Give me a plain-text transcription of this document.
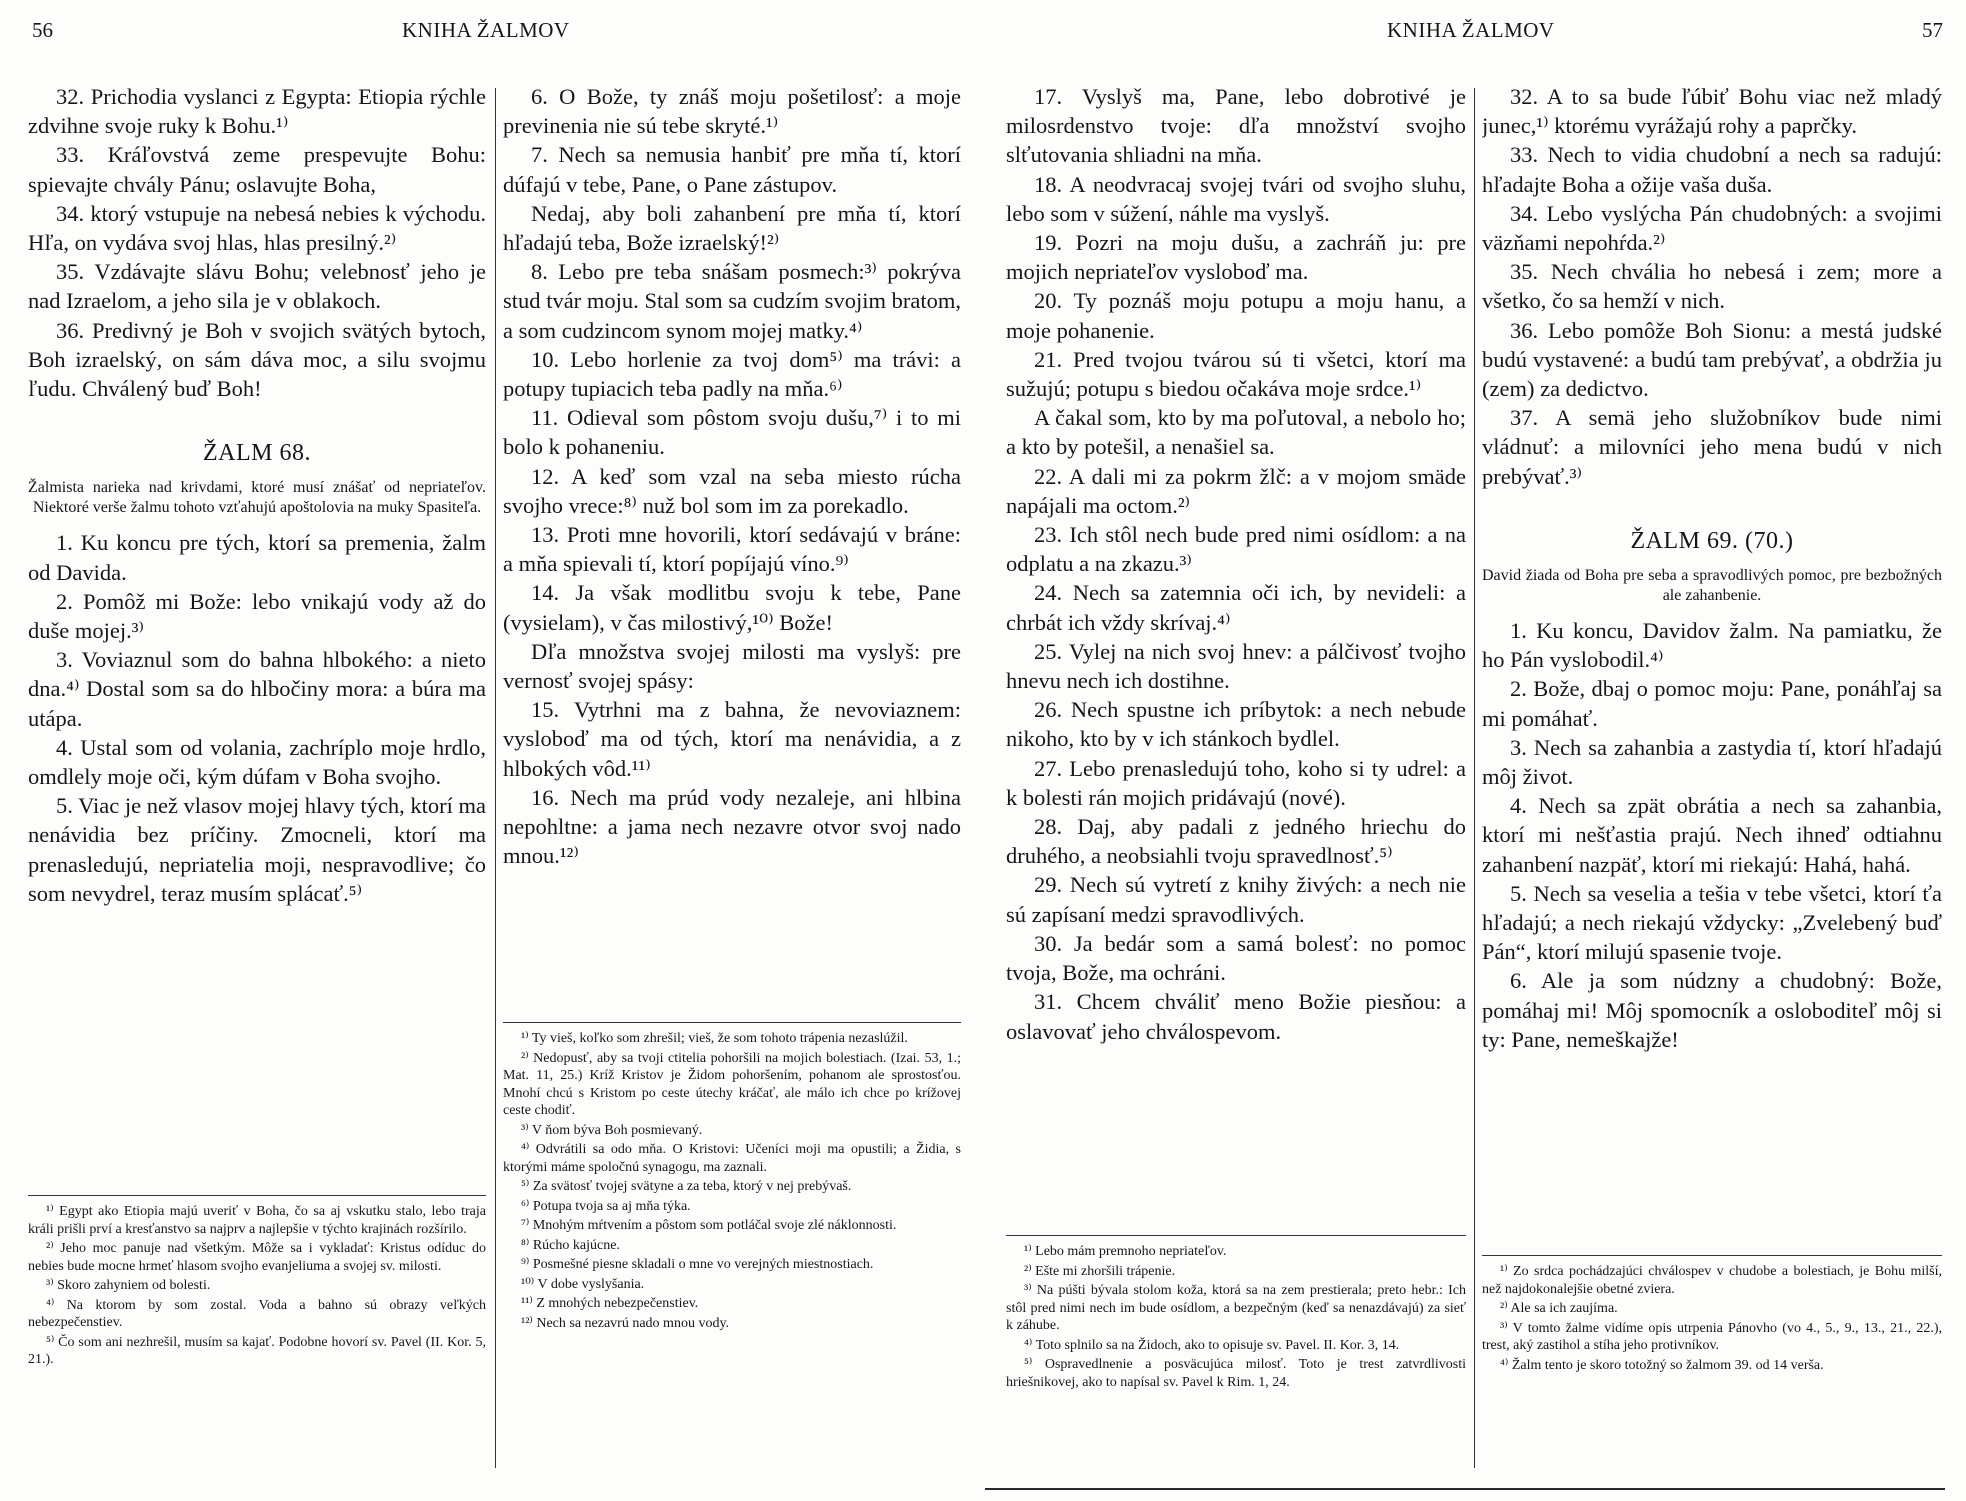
56	KNIHA ŽALMOV	KNIHA ŽALMOV	57

32. Prichodia vyslanci z Egypta: Etiopia rýchle zdvihne svoje ruky k Bohu.¹⁾

33. Kráľovstvá zeme prespevujte Bohu: spievajte chvály Pánu; oslavujte Boha,

34. ktorý vstupuje na nebesá nebies k východu. Hľa, on vydáva svoj hlas, hlas presilný.²⁾

35. Vzdávajte slávu Bohu; velebnosť jeho je nad Izraelom, a jeho sila je v oblakoch.

36. Predivný je Boh v svojich svätých bytoch, Boh izraelský, on sám dáva moc, a silu svojmu ľudu. Chválený buď Boh!

ŽALM 68.

Žalmista narieka nad krivdami, ktoré musí znášať od nepriateľov. Niektoré verše žalmu tohoto vzťahujú apoštolovia na muky Spasiteľa.

1. Ku koncu pre tých, ktorí sa premenia, žalm od Davida.

2. Pomôž mi Bože: lebo vnikajú vody až do duše mojej.³⁾

3. Voviaznul som do bahna hlbokého: a nieto dna.⁴⁾ Dostal som sa do hlbočiny mora: a búra ma utápa.

4. Ustal som od volania, zachríplo moje hrdlo, omdlely moje oči, kým dúfam v Boha svojho.

5. Viac je než vlasov mojej hlavy tých, ktorí ma nenávidia bez príčiny. Zmocneli, ktorí ma prenasledujú, nepriatelia moji, nespravodlive; čo som nevydrel, teraz musím splácať.⁵⁾

¹⁾ Egypt ako Etiopia majú uveriť v Boha, čo sa aj vskutku stalo, lebo traja králi prišli prví a kresťanstvo sa najprv a najlepšie v týchto krajinách rozšírilo.

²⁾ Jeho moc panuje nad všetkým. Môže sa i vykladať: Kristus odíduc do nebies bude mocne hrmeť hlasom svojho evanjeliuma a svojej sv. milosti.

³⁾ Skoro zahyniem od bolesti.

⁴⁾ Na ktorom by som zostal. Voda a bahno sú obrazy veľkých nebezpečenstiev.

⁵⁾ Čo som ani nezhrešil, musím sa kajať. Podobne hovorí sv. Pavel (II. Kor. 5, 21.).

6. O Bože, ty znáš moju pošetilosť: a moje previnenia nie sú tebe skryté.¹⁾

7. Nech sa nemusia hanbiť pre mňa tí, ktorí dúfajú v tebe, Pane, o Pane zástupov.

Nedaj, aby boli zahanbení pre mňa tí, ktorí hľadajú teba, Bože izraelský!²⁾

8. Lebo pre teba snášam posmech:³⁾ pokrýva stud tvár moju. Stal som sa cudzím svojim bratom, a som cudzincom synom mojej matky.⁴⁾

10. Lebo horlenie za tvoj dom⁵⁾ ma trávi: a potupy tupiacich teba padly na mňa.⁶⁾

11. Odieval som pôstom svoju dušu,⁷⁾ i to mi bolo k pohaneniu.

12. A keď som vzal na seba miesto rúcha svojho vrece:⁸⁾ nuž bol som im za porekadlo.

13. Proti mne hovorili, ktorí sedávajú v bráne: a mňa spievali tí, ktorí popíjajú víno.⁹⁾

14. Ja však modlitbu svoju k tebe, Pane (vysielam), v čas milostivý,¹⁰⁾ Bože!

Dľa množstva svojej milosti ma vyslyš: pre vernosť svojej spásy:

15. Vytrhni ma z bahna, že nevoviaznem: vysloboď ma od tých, ktorí ma nenávidia, a z hlbokých vôd.¹¹⁾

16. Nech ma prúd vody nezaleje, ani hlbina nepohltne: a jama nech nezavre otvor svoj nado mnou.¹²⁾

¹⁾ Ty vieš, koľko som zhrešil; vieš, že som tohoto trápenia nezaslúžil.

²⁾ Nedopusť, aby sa tvoji ctitelia pohoršili na mojich bolestiach. (Izai. 53, 1.; Mat. 11, 25.) Kríž Kristov je Židom pohoršením, pohanom ale sprostosťou. Mnohí chcú s Kristom po ceste útechy kráčať, ale málo ich chce po krížovej ceste chodiť.

³⁾ V ňom býva Boh posmievaný.

⁴⁾ Odvrátili sa odo mňa. O Kristovi: Učeníci moji ma opustili; a Židia, s ktorými máme spoločnú synagogu, ma zaznali.

⁵⁾ Za svätosť tvojej svätyne a za teba, ktorý v nej prebývaš.

⁶⁾ Potupa tvoja sa aj mňa týka.

⁷⁾ Mnohým mŕtvením a pôstom som potláčal svoje zlé náklonnosti.

⁸⁾ Rúcho kajúcne.

⁹⁾ Posmešné piesne skladali o mne vo verejných miestnostiach.

¹⁰⁾ V dobe vyslyšania.

¹¹⁾ Z mnohých nebezpečenstiev.

¹²⁾ Nech sa nezavrú nado mnou vody.

17. Vyslyš ma, Pane, lebo dobrotivé je milosrdenstvo tvoje: dľa množství svojho slťutovania shliadni na mňa.

18. A neodvracaj svojej tvári od svojho sluhu, lebo som v súžení, náhle ma vyslyš.

19. Pozri na moju dušu, a zachráň ju: pre mojich nepriateľov vysloboď ma.

20. Ty poznáš moju potupu a moju hanu, a moje pohanenie.

21. Pred tvojou tvárou sú ti všetci, ktorí ma sužujú; potupu s biedou očakáva moje srdce.¹⁾

A čakal som, kto by ma poľutoval, a nebolo ho; a kto by potešil, a nenašiel sa.

22. A dali mi za pokrm žlč: a v mojom smäde napájali ma octom.²⁾

23. Ich stôl nech bude pred nimi osídlom: a na odplatu a na zkazu.³⁾

24. Nech sa zatemnia oči ich, by nevideli: a chrbát ich vždy skrívaj.⁴⁾

25. Vylej na nich svoj hnev: a pálčivosť tvojho hnevu nech ich dostihne.

26. Nech spustne ich príbytok: a nech nebude nikoho, kto by v ich stánkoch bydlel.

27. Lebo prenasledujú toho, koho si ty udrel: a k bolesti rán mojich pridávajú (nové).

28. Daj, aby padali z jedného hriechu do druhého, a neobsiahli tvoju spravedlnosť.⁵⁾

29. Nech sú vytretí z knihy živých: a nech nie sú zapísaní medzi spravodlivých.

30. Ja bedár som a samá bolesť: no pomoc tvoja, Bože, ma ochráni.

31. Chcem chváliť meno Božie piesňou: a oslavovať jeho chválospevom.

¹⁾ Lebo mám premnoho nepriateľov.

²⁾ Ešte mi zhoršili trápenie.

³⁾ Na púšti bývala stolom koža, ktorá sa na zem prestierala; preto hebr.: Ich stôl pred nimi nech im bude osídlom, a bezpečným (keď sa nenazdávajú) za sieť k záhube.

⁴⁾ Toto splnilo sa na Židoch, ako to opisuje sv. Pavel. II. Kor. 3, 14.

⁵⁾ Ospravedlnenie a posväcujúca milosť. Toto je trest zatvrdlivosti hriešnikovej, ako to napísal sv. Pavel k Rim. 1, 24.

32. A to sa bude ľúbiť Bohu viac než mladý junec,¹⁾ ktorému vyrážajú rohy a paprčky.

33. Nech to vidia chudobní a nech sa radujú: hľadajte Boha a ožije vaša duša.

34. Lebo vyslýcha Pán chudobných: a svojimi väzňami nepohŕda.²⁾

35. Nech chvália ho nebesá i zem; more a všetko, čo sa hemží v nich.

36. Lebo pomôže Boh Sionu: a mestá judské budú vystavené: a budú tam prebývať, a obdržia ju (zem) za dedictvo.

37. A semä jeho služobníkov bude nimi vládnuť: a milovníci jeho mena budú v nich prebývať.³⁾

ŽALM 69. (70.)

David žiada od Boha pre seba a spravodlivých pomoc, pre bezbožných ale zahanbenie.

1. Ku koncu, Davidov žalm. Na pamiatku, že ho Pán vyslobodil.⁴⁾

2. Bože, dbaj o pomoc moju: Pane, ponáhľaj sa mi pomáhať.

3. Nech sa zahanbia a zastydia tí, ktorí hľadajú môj život.

4. Nech sa zpät obrátia a nech sa zahanbia, ktorí mi nešťastia prajú. Nech ihneď odtiahnu zahanbení nazpäť, ktorí mi riekajú: Hahá, hahá.

5. Nech sa veselia a tešia v tebe všetci, ktorí ťa hľadajú; a nech riekajú vždycky: „Zvelebený buď Pán“, ktorí milujú spasenie tvoje.

6. Ale ja som núdzny a chudobný: Bože, pomáhaj mi! Môj spomocník a osloboditeľ môj si ty: Pane, nemeškajže!

¹⁾ Zo srdca pochádzajúci chválospev v chudobe a bolestiach, je Bohu milší, než najdokonalejšie obetné zviera.

²⁾ Ale sa ich zaujíma.

³⁾ V tomto žalme vidíme opis utrpenia Pánovho (vo 4., 5., 9., 13., 21., 22.), trest, aký zastihol a stíha jeho protivníkov.

⁴⁾ Žalm tento je skoro totožný so žalmom 39. od 14 verša.
